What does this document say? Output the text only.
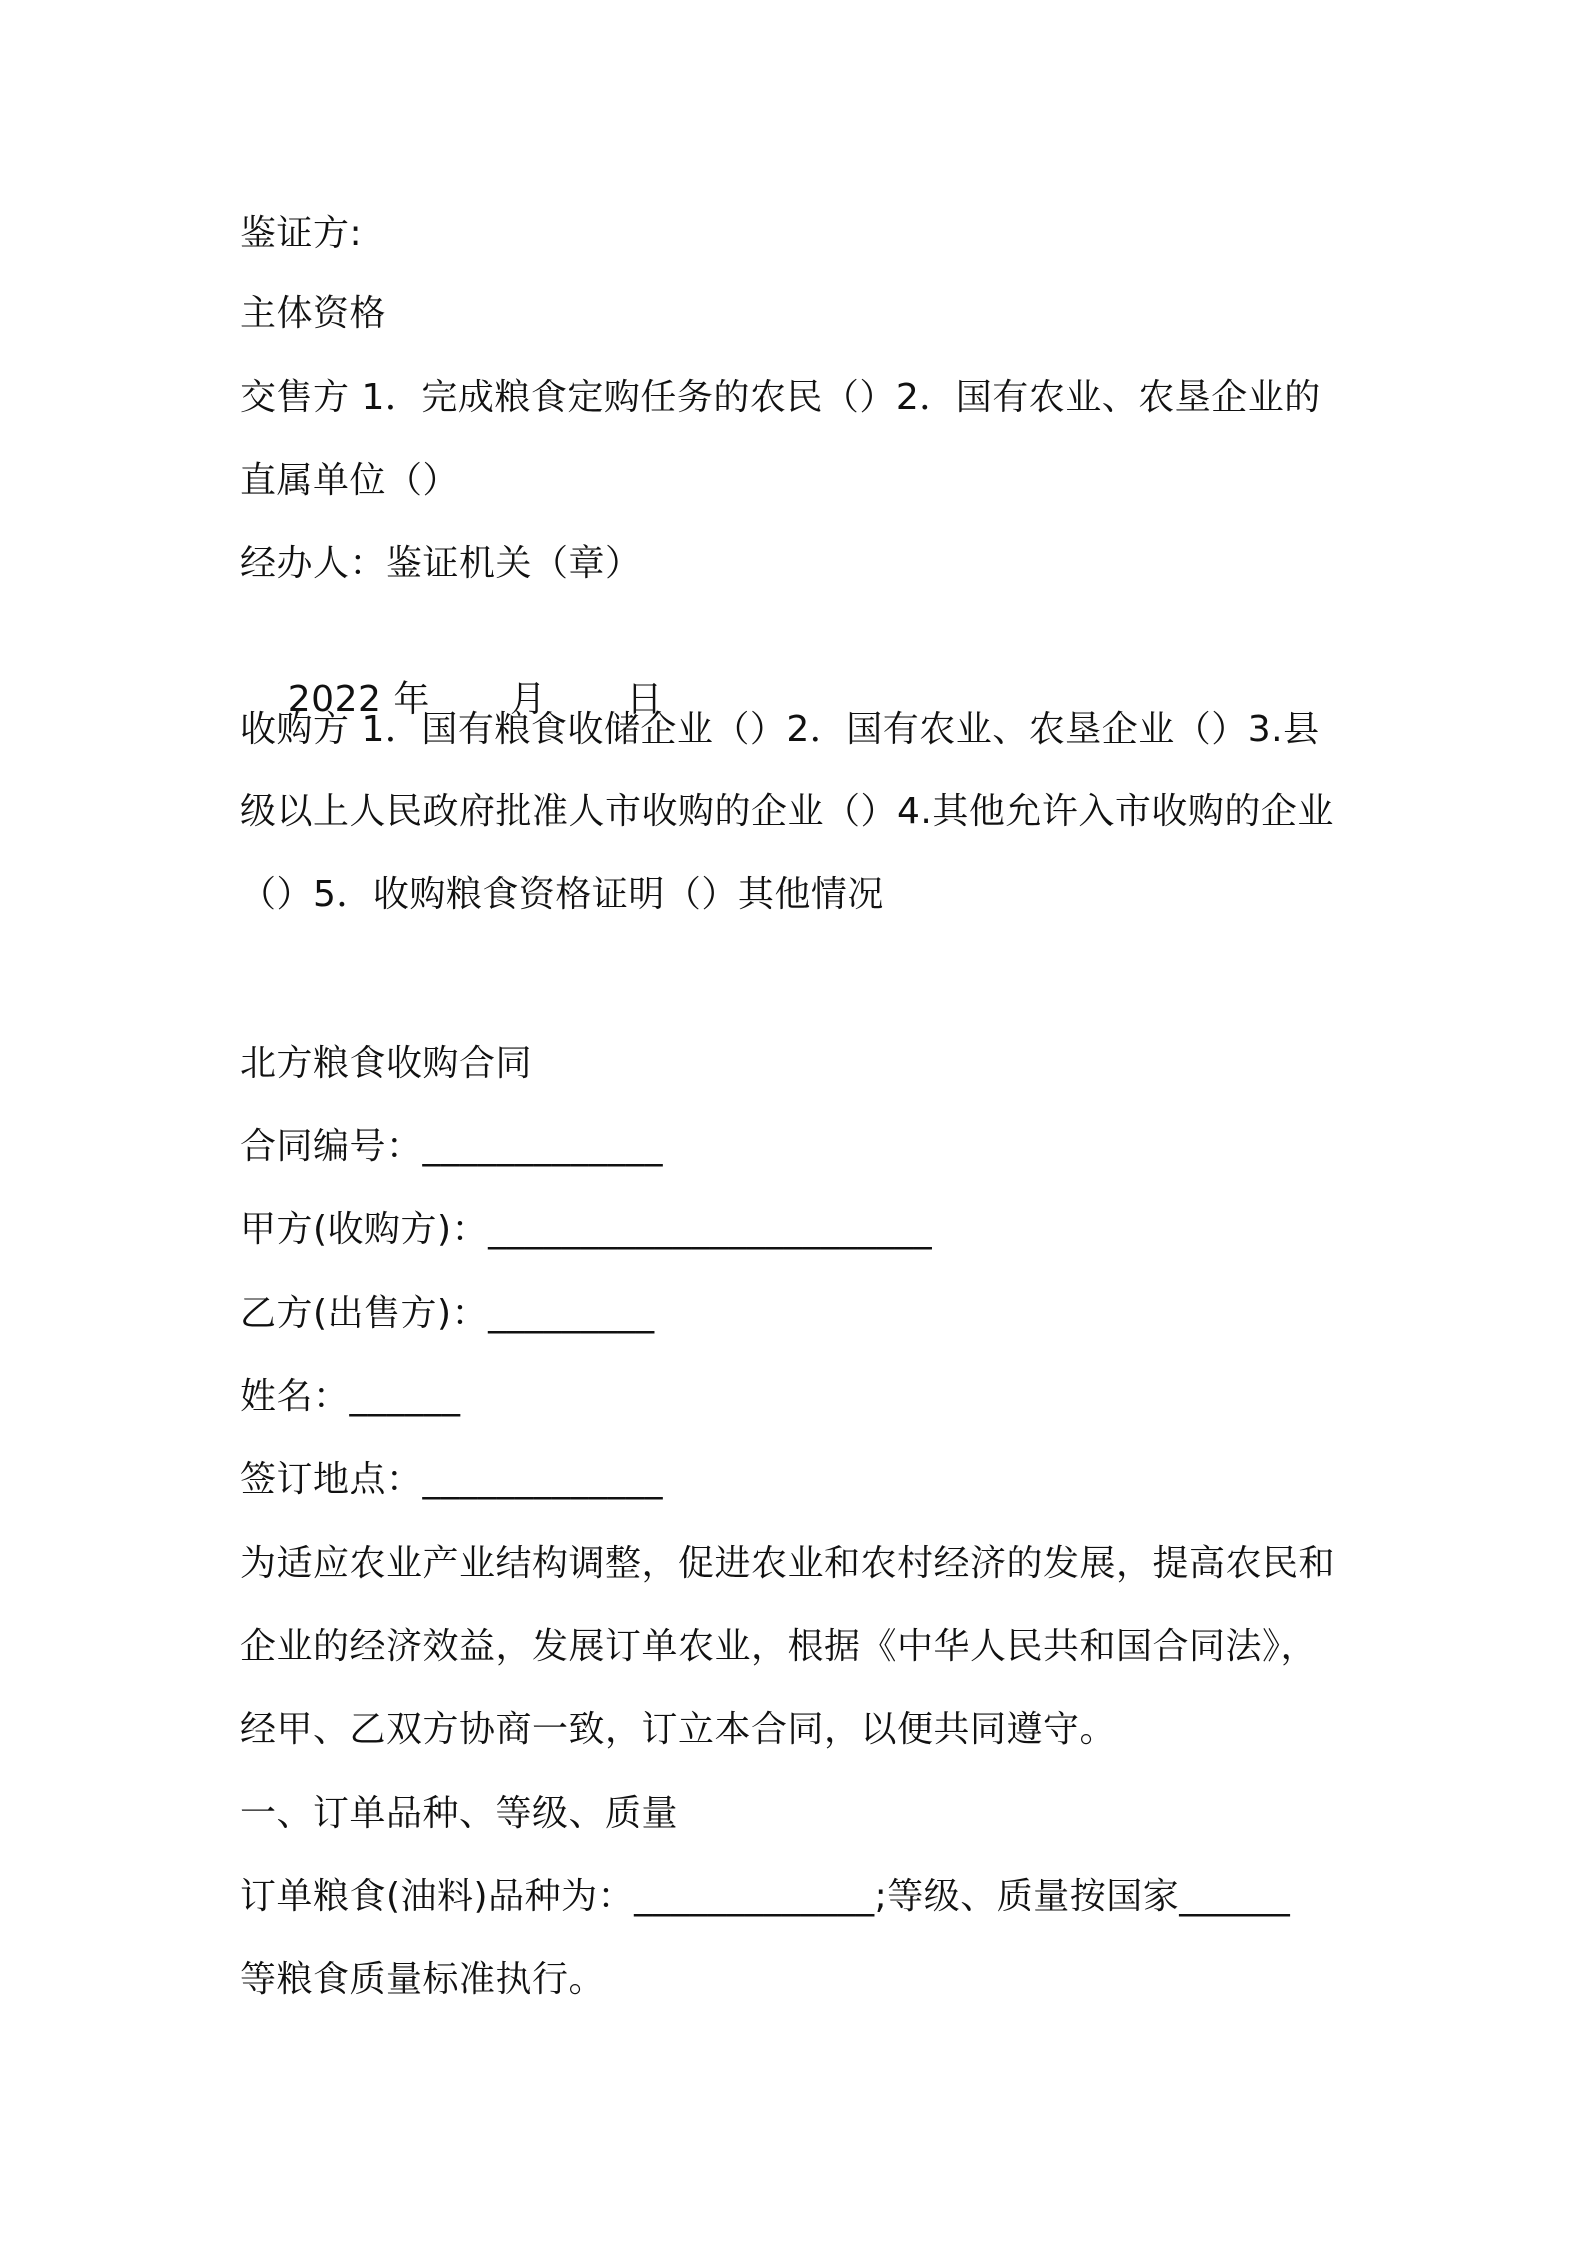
鉴证方:
主体资格
交售方 1．完成粮食定购任务的农民（）2．国有农业、农垦企业的
直属单位（）
经办人：鉴证机关（章）

2022 年 月 日

收购方 1．国有粮食收储企业（）2．国有农业、农垦企业（）3.县
级以上人民政府批准人市收购的企业（）4.其他允许入市收购的企业
（）5．收购粮食资格证明（）其他情况
北方粮食收购合同
合同编号：_____________
甲方(收购方)：________________________
乙方(出售方)：_________
姓名：______
签订地点：_____________
为适应农业产业结构调整，促进农业和农村经济的发展，提高农民和
企业的经济效益，发展订单农业，根据《中华人民共和国合同法》，
经甲、乙双方协商一致，订立本合同，以便共同遵守。
一、订单品种、等级、质量
订单粮食(油料)品种为：_____________;等级、质量按国家______
等粮食质量标准执行。
